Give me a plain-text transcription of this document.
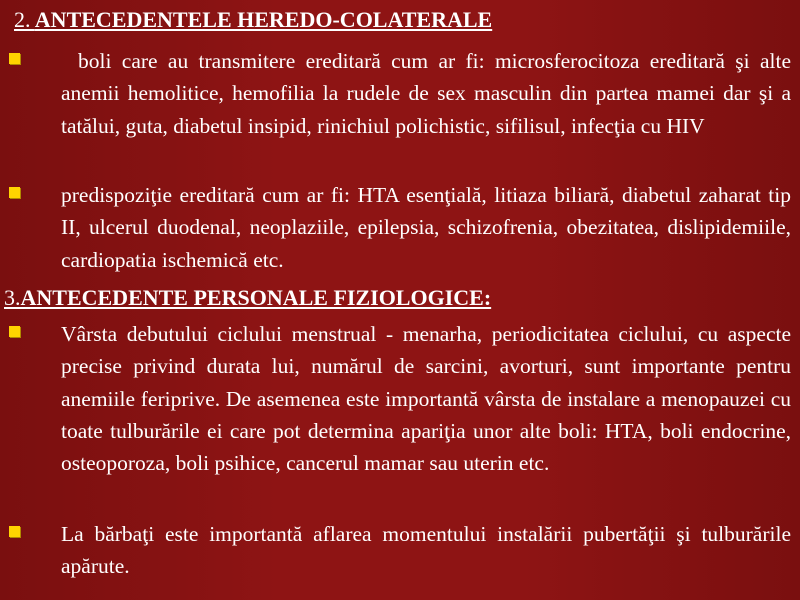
2. ANTECEDENTELE HEREDO-COLATERALE
boli care au transmitere ereditară cum ar fi: microsferocitoza ereditară şi alte anemii hemolitice, hemofilia la rudele de sex masculin din partea mamei dar şi a tatălui, guta, diabetul insipid, rinichiul polichistic, sifilisul, infecţia cu HIV
predispoziţie ereditară cum ar fi: HTA esenţială, litiaza biliară, diabetul zaharat tip II, ulcerul duodenal, neoplaziile, epilepsia, schizofrenia, obezitatea, dislipidemiile, cardiopatia ischemică etc.
3.ANTECEDENTE PERSONALE FIZIOLOGICE:
Vârsta debutului ciclului menstrual - menarha, periodicitatea ciclului, cu aspecte precise privind durata lui, numărul de sarcini, avorturi, sunt importante pentru anemiile feriprive. De asemenea este importantă vârsta de instalare a menopauzei cu toate tulburările ei care pot determina apariţia unor alte boli: HTA, boli endocrine, osteoporoza, boli psihice, cancerul mamar sau uterin etc.
La bărbaţi este importantă aflarea momentului instalării pubertăţii şi tulburările apărute.
